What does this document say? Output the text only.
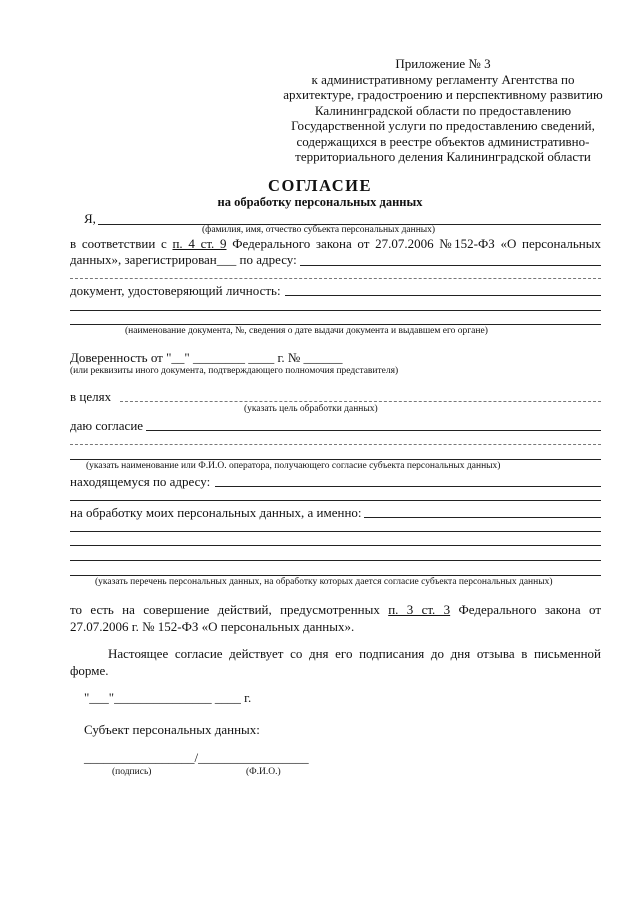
Приложение № 3
к административному регламенту Агентства по
архитектуре, градостроению и перспективному развитию
Калининградской области по предоставлению
Государственной услуги по предоставлению сведений,
содержащихся в реестре объектов административно-
территориального деления Калининградской области
СОГЛАСИЕ
на обработку персональных данных
Я,
(фамилия, имя, отчество субъекта персональных данных)
в соответствии с п. 4 ст. 9 Федерального закона от 27.07.2006 №152-ФЗ «О персональных
данных», зарегистрирован___ по адресу:
документ, удостоверяющий личность:
(наименование документа, №, сведения о дате выдачи документа и выдавшем его органе)
Доверенность от "__" ________ ____ г. № ______
(или реквизиты иного документа, подтверждающего полномочия представителя)
в целях
(указать цель обработки данных)
даю согласие
(указать наименование или Ф.И.О. оператора, получающего согласие субъекта персональных данных)
находящемуся по адресу:
на обработку моих персональных данных, а именно:
(указать перечень персональных данных, на обработку которых дается согласие субъекта персональных данных)
то есть на совершение действий, предусмотренных п. 3 ст. 3 Федерального закона от 27.07.2006 г. № 152-ФЗ «О персональных данных».
Настоящее согласие действует со дня его подписания до дня отзыва в письменной форме.
"___"_______________ ____ г.
Субъект персональных данных:
_________________/_________________
(подпись)	(Ф.И.О.)
